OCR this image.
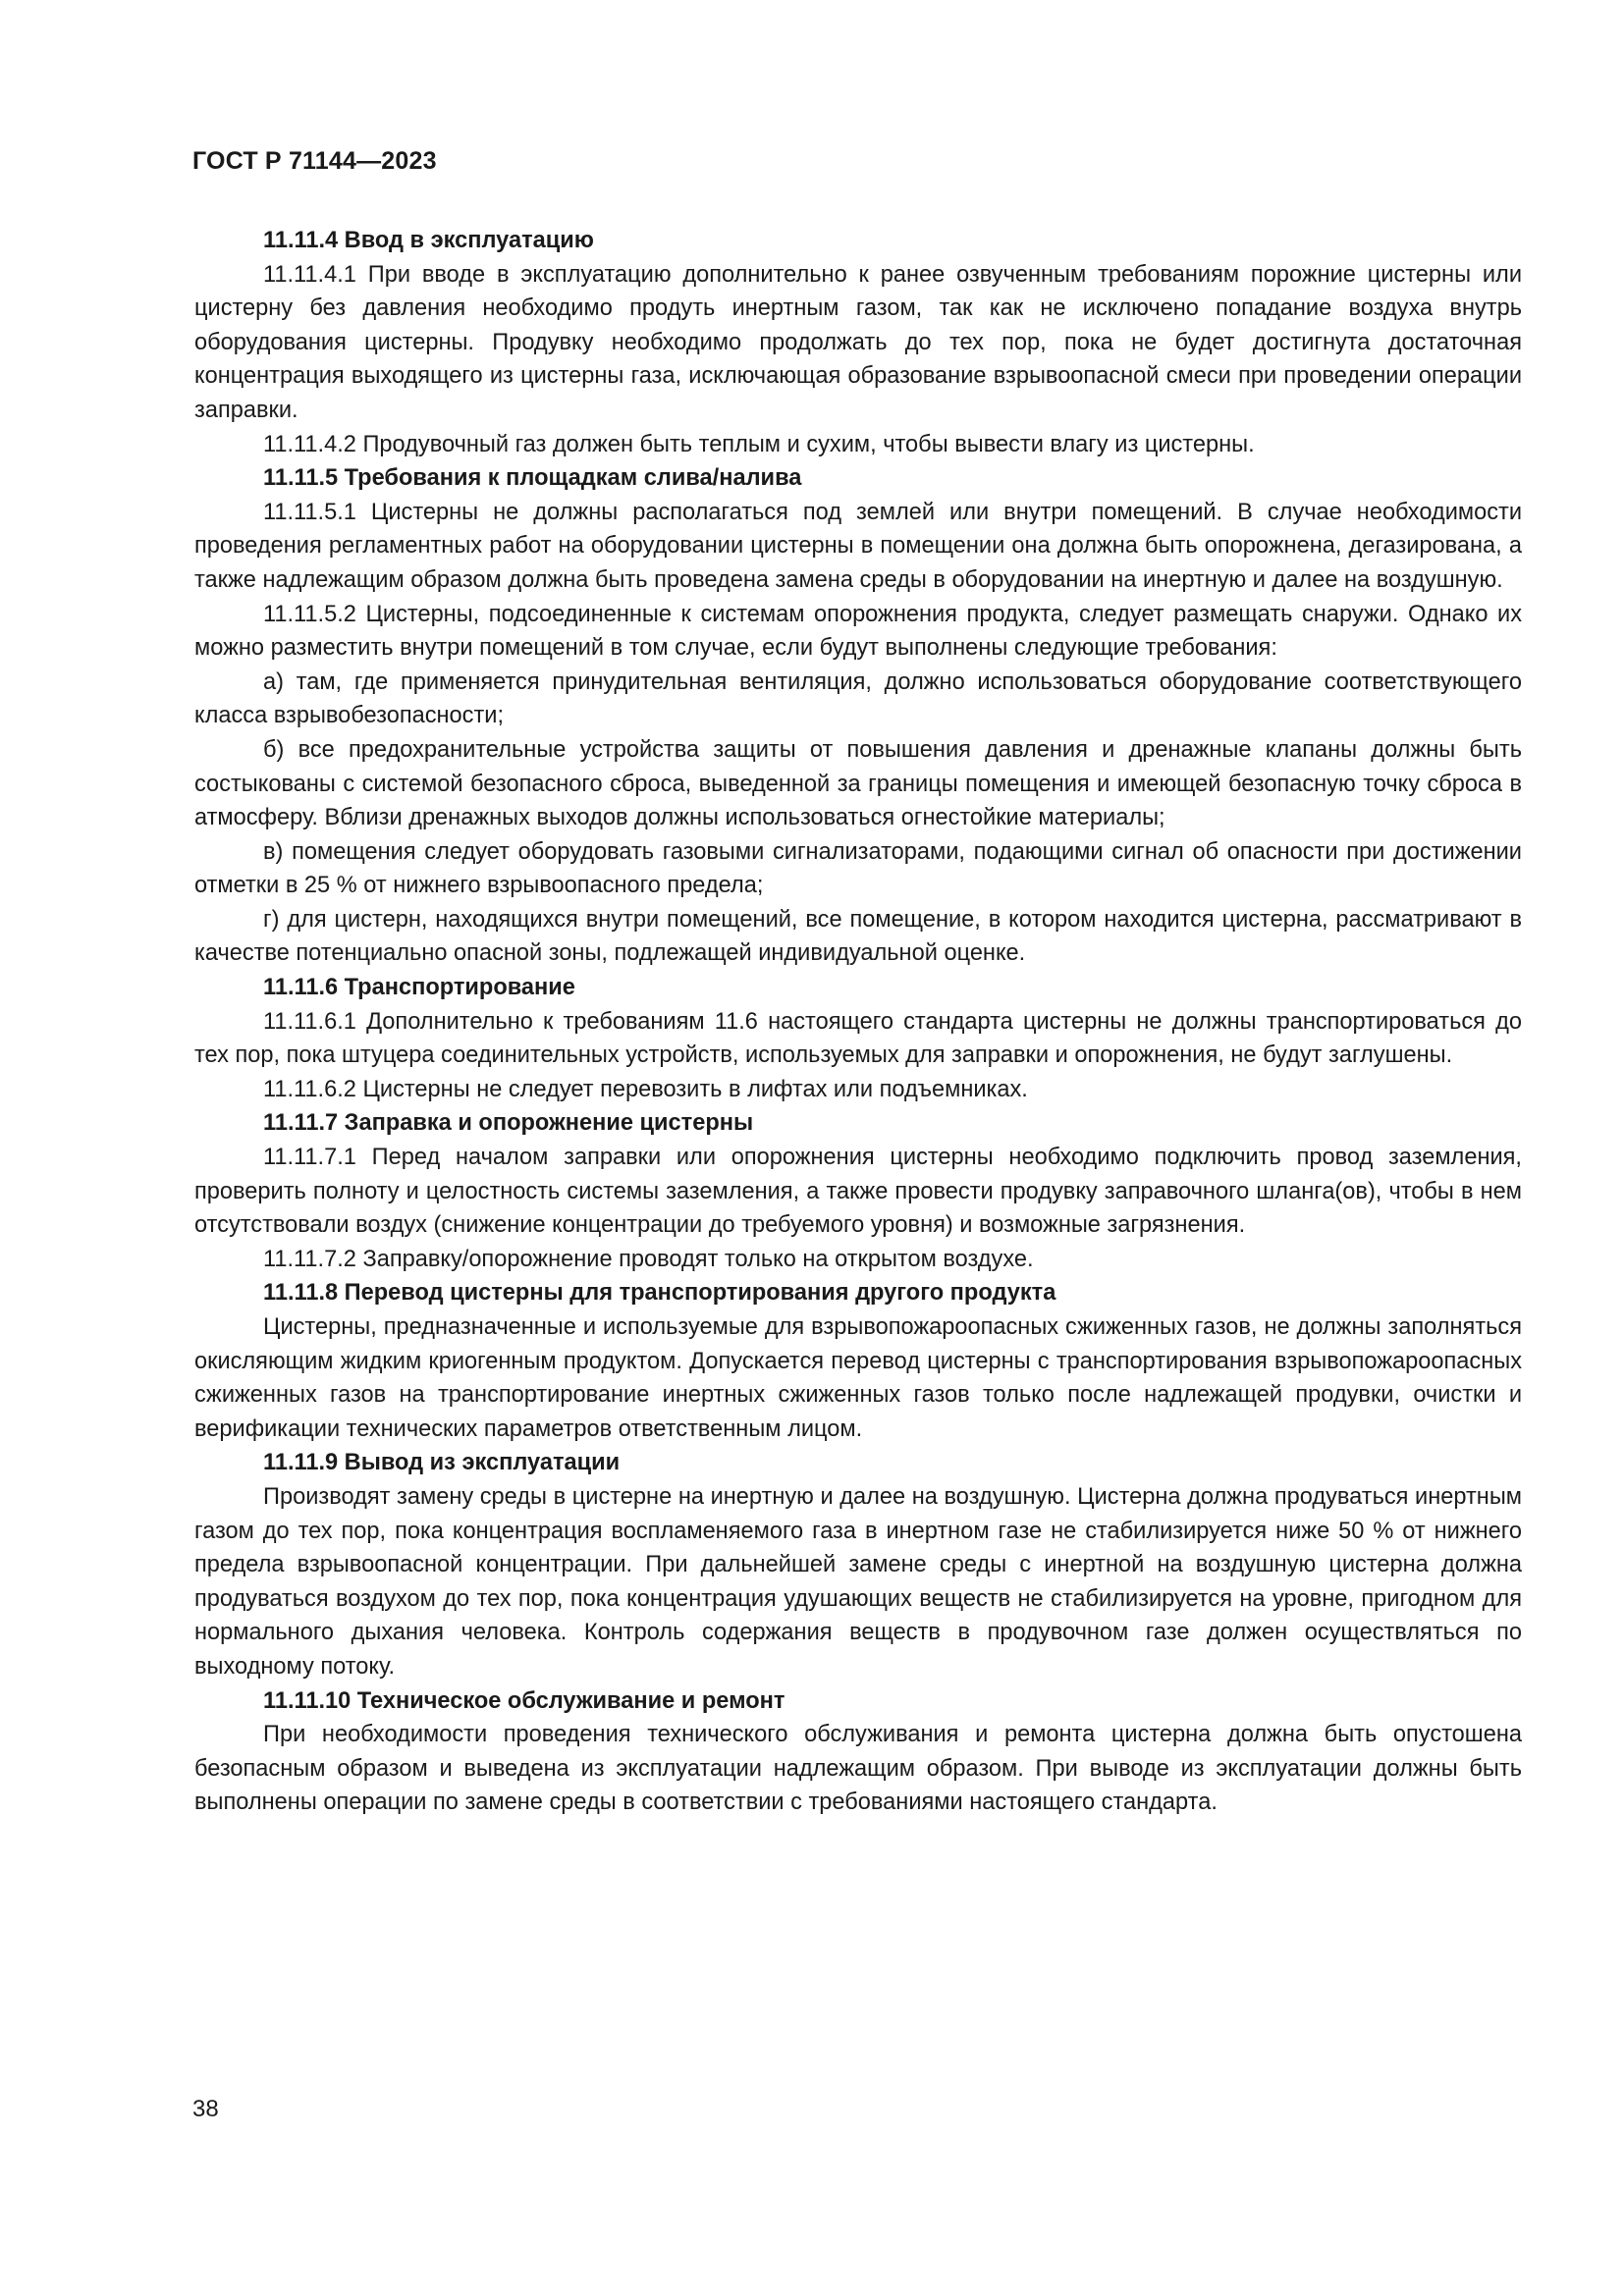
ГОСТ Р 71144—2023

11.11.4 Ввод в эксплуатацию

11.11.4.1 При вводе в эксплуатацию дополнительно к ранее озвученным требованиям порожние цистерны или цистерну без давления необходимо продуть инертным газом, так как не исключено попадание воздуха внутрь оборудования цистерны. Продувку необходимо продолжать до тех пор, пока не будет достигнута достаточная концентрация выходящего из цистерны газа, исключающая образование взрывоопасной смеси при проведении операции заправки.

11.11.4.2 Продувочный газ должен быть теплым и сухим, чтобы вывести влагу из цистерны.

11.11.5 Требования к площадкам слива/налива

11.11.5.1 Цистерны не должны располагаться под землей или внутри помещений. В случае необходимости проведения регламентных работ на оборудовании цистерны в помещении она должна быть опорожнена, дегазирована, а также надлежащим образом должна быть проведена замена среды в оборудовании на инертную и далее на воздушную.

11.11.5.2 Цистерны, подсоединенные к системам опорожнения продукта, следует размещать снаружи. Однако их можно разместить внутри помещений в том случае, если будут выполнены следующие требования:

а) там, где применяется принудительная вентиляция, должно использоваться оборудование соответствующего класса взрывобезопасности;

б) все предохранительные устройства защиты от повышения давления и дренажные клапаны должны быть состыкованы с системой безопасного сброса, выведенной за границы помещения и имеющей безопасную точку сброса в атмосферу. Вблизи дренажных выходов должны использоваться огнестойкие материалы;

в) помещения следует оборудовать газовыми сигнализаторами, подающими сигнал об опасности при достижении отметки в 25 % от нижнего взрывоопасного предела;

г) для цистерн, находящихся внутри помещений, все помещение, в котором находится цистерна, рассматривают в качестве потенциально опасной зоны, подлежащей индивидуальной оценке.

11.11.6 Транспортирование

11.11.6.1 Дополнительно к требованиям 11.6 настоящего стандарта цистерны не должны транспортироваться до тех пор, пока штуцера соединительных устройств, используемых для заправки и опорожнения, не будут заглушены.

11.11.6.2 Цистерны не следует перевозить в лифтах или подъемниках.

11.11.7 Заправка и опорожнение цистерны

11.11.7.1 Перед началом заправки или опорожнения цистерны необходимо подключить провод заземления, проверить полноту и целостность системы заземления, а также провести продувку заправочного шланга(ов), чтобы в нем отсутствовали воздух (снижение концентрации до требуемого уровня) и возможные загрязнения.

11.11.7.2 Заправку/опорожнение проводят только на открытом воздухе.

11.11.8 Перевод цистерны для транспортирования другого продукта

Цистерны, предназначенные и используемые для взрывопожароопасных сжиженных газов, не должны заполняться окисляющим жидким криогенным продуктом. Допускается перевод цистерны с транспортирования взрывопожароопасных сжиженных газов на транспортирование инертных сжиженных газов только после надлежащей продувки, очистки и верификации технических параметров ответственным лицом.

11.11.9 Вывод из эксплуатации

Производят замену среды в цистерне на инертную и далее на воздушную. Цистерна должна продуваться инертным газом до тех пор, пока концентрация воспламеняемого газа в инертном газе не стабилизируется ниже 50 % от нижнего предела взрывоопасной концентрации. При дальнейшей замене среды с инертной на воздушную цистерна должна продуваться воздухом до тех пор, пока концентрация удушающих веществ не стабилизируется на уровне, пригодном для нормального дыхания человека. Контроль содержания веществ в продувочном газе должен осуществляться по выходному потоку.

11.11.10 Техническое обслуживание и ремонт

При необходимости проведения технического обслуживания и ремонта цистерна должна быть опустошена безопасным образом и выведена из эксплуатации надлежащим образом. При выводе из эксплуатации должны быть выполнены операции по замене среды в соответствии с требованиями настоящего стандарта.

38
